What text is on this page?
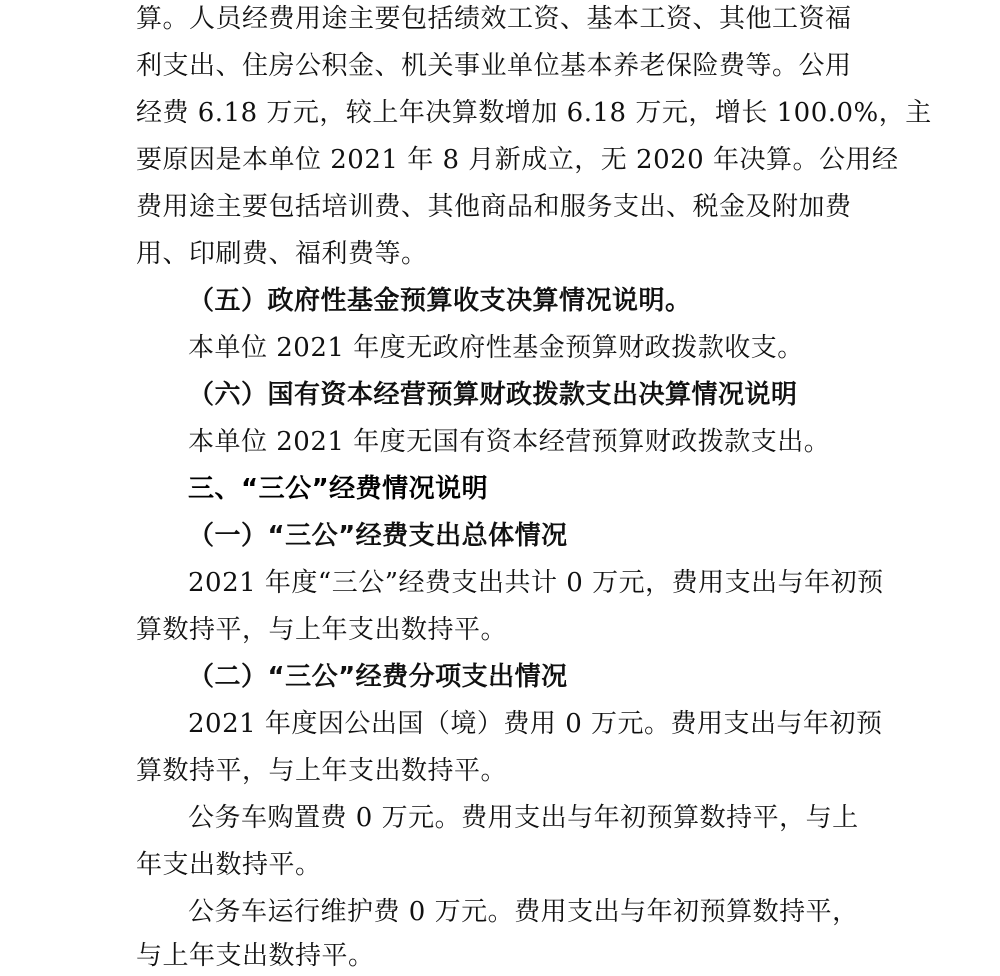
算。人员经费用途主要包括绩效工资、基本工资、其他工资福
利支出、住房公积金、机关事业单位基本养老保险费等。公用
经费 6.18 万元，较上年决算数增加 6.18 万元，增长 100.0%，主
要原因是本单位 2021 年 8 月新成立，无 2020 年决算。公用经
费用途主要包括培训费、其他商品和服务支出、税金及附加费
用、印刷费、福利费等。
（五）政府性基金预算收支决算情况说明。
本单位 2021 年度无政府性基金预算财政拨款收支。
（六）国有资本经营预算财政拨款支出决算情况说明
本单位 2021 年度无国有资本经营预算财政拨款支出。
三、“三公”经费情况说明
（一）“三公”经费支出总体情况
2021 年度“三公”经费支出共计 0 万元，费用支出与年初预
算数持平，与上年支出数持平。
（二）“三公”经费分项支出情况
2021 年度因公出国（境）费用 0 万元。费用支出与年初预
算数持平，与上年支出数持平。
公务车购置费 0 万元。费用支出与年初预算数持平，与上
年支出数持平。
公务车运行维护费 0 万元。费用支出与年初预算数持平，
与上年支出数持平。
